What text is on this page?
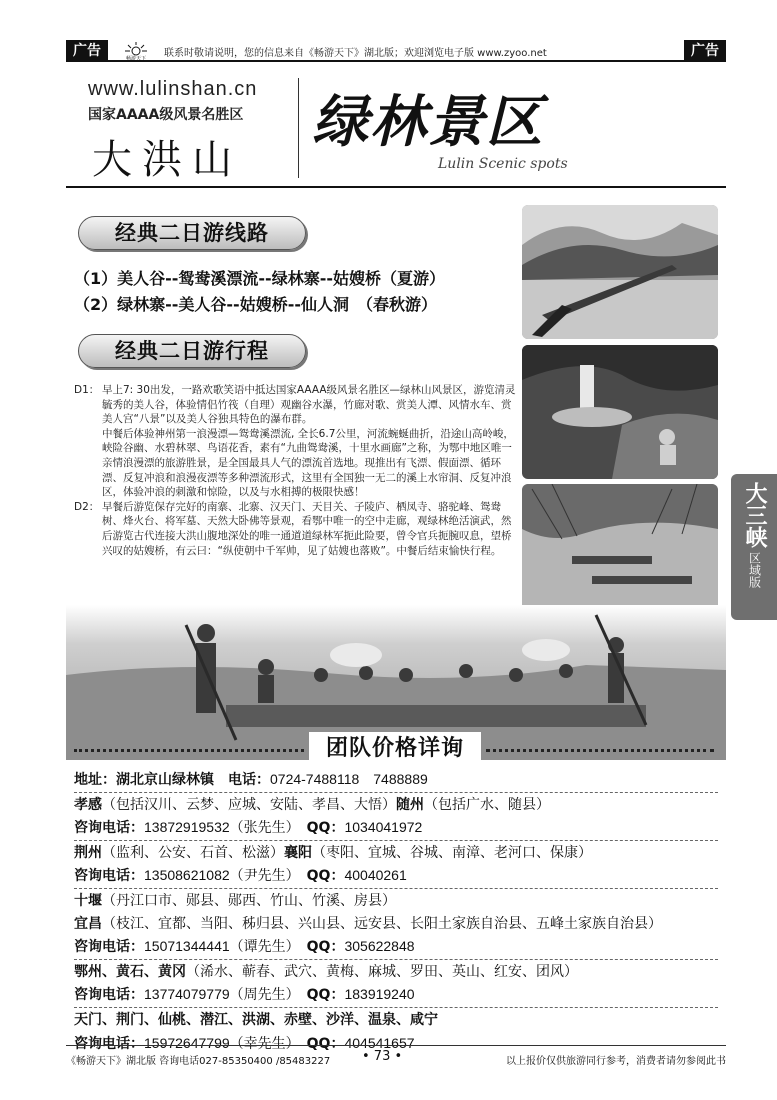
广告	畅游天下 联系时敬请说明，您的信息来自《畅游天下》湖北版；欢迎浏览电子版 www.zyoo.net	广告
www.lulinshan.cn
国家AAAA级风景名胜区
大洪山
绿林景区
Lulin Scenic spots
经典二日游线路
（1）美人谷--鸳鸯溪漂流--绿林寨--姑嫂桥（夏游）
（2）绿林寨--美人谷--姑嫂桥--仙人洞　（春秋游）
经典二日游行程
D1： 早上7: 30出发，一路欢歌笑语中抵达国家AAAA级风景名胜区—绿林山风景区，游览清灵毓秀的美人谷，体验情侣竹筏（自理）观幽谷水瀑，竹廊对歌、赏美人潭、风情水车、赏美人宫“八景”以及美人谷独具特色的瀑布群。

中餐后体验神州第一浪漫漂—鸳鸯溪漂流, 全长6.7公里，河流蜿蜒曲折，沿途山高岭峻，峡险谷幽、水碧林翠、鸟语花香，素有“九曲鸳鸯溪，十里水画廊”之称，为鄂中地区唯一亲情浪漫漂的旅游胜景，是全国最具人气的漂流首选地。现推出有飞漂、假面漂、循环漂、反复冲浪和浪漫夜漂等多种漂流形式，这里有全国独一无二的溪上水帘洞、反复冲浪区，体验冲浪的刺激和惊险，以及与水相搏的极限快感！

D2： 早餐后游览保存完好的南寨、北寨、汉天门、天目关、子陵庐、栖凤寺、骆驼峰、鸳鸯树、烽火台、将军墓、天然大卧佛等景观，看鄂中唯一的空中走廊，观绿林绝活演武，然后游览古代连接大洪山腹地深处的唯一通道道绿林军扼此险要，曾令官兵扼腕叹息，望桥兴叹的姑嫂桥，有云曰：“纵使朝中千军帅，见了姑嫂也落败”。中餐后结束愉快行程。

大三峡
区域版
团队价格详询
地址：湖北京山绿林镇　 电话：0724-7488118　7488889
孝感（包括汉川、云梦、应城、安陆、孝昌、大悟）随州（包括广水、随县）
咨询电话：13872919532（张先生）　 QQ：1034041972
荆州（监利、公安、石首、松滋）襄阳（枣阳、宜城、谷城、南漳、老河口、保康）
咨询电话：13508621082（尹先生）　 QQ：40040261
十堰（丹江口市、郧县、郧西、竹山、竹溪、房县）
宜昌（枝江、宜都、当阳、秭归县、兴山县、远安县、长阳土家族自治县、五峰土家族自治县）
咨询电话：15071344441（谭先生）　 QQ：305622848
鄂州、黄石、黄冈（浠水、蕲春、武穴、黄梅、麻城、罗田、英山、红安、团风）
咨询电话：13774079779（周先生）　 QQ：183919240
天门、荆门、仙桃、潜江、洪湖、赤壁、沙洋、温泉、咸宁
咨询电话：15972647799（幸先生）　 QQ：404541657
《畅游天下》湖北版 咨询电话027-85350400 /85483227 • 73 •	以上报价仅供旅游同行参考，消费者请勿参阅此书
